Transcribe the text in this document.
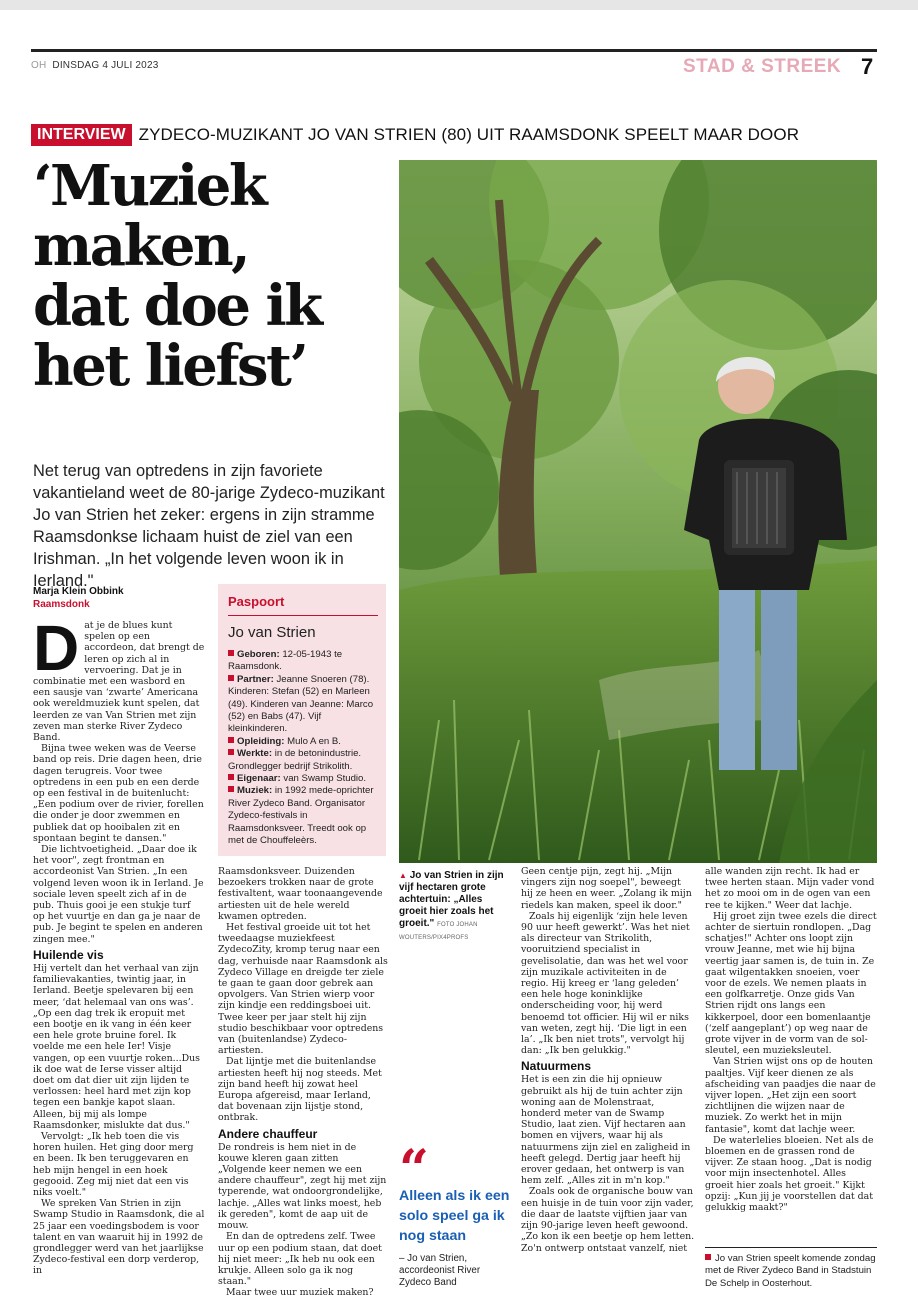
OH DINSDAG 4 JULI 2023	STAD & STREEK 7
INTERVIEW ZYDECO-MUZIKANT JO VAN STRIEN (80) UIT RAAMSDONK SPEELT MAAR DOOR
‘Muziek
maken,
dat doe ik
het liefst’

Net terug van optredens in zijn favoriete vakantieland weet de 80-jarige Zydeco-muzikant Jo van Strien het zeker: ergens in zijn stramme Raamsdonkse lichaam huist de ziel van een Irishman. „In het volgende leven woon ik in Ierland."

Marja Klein Obbink
Raamsdonk
D at je de blues kunt spelen op een accordeon, dat brengt de leren op zich al in vervoering. Dat je in combinatie met een wasbord en een sausje van ‘zwarte’ Americana ook wereldmuziek kunt spelen, dat leerden ze van Van Strien met zijn zeven man sterke River Zydeco Band.

Bijna twee weken was de Veerse band op reis. Drie dagen heen, drie dagen terugreis. Voor twee optredens in een pub en een derde op een festival in de buitenlucht: „Een podium over de rivier, forellen die onder je door zwemmen en publiek dat op hooibalen zit en spontaan begint te dansen."

Die lichtvoetigheid. „Daar doe ik het voor", zegt frontman en accordeonist Van Strien. „In een volgend leven woon ik in Ierland. Je sociale leven speelt zich af in de pub. Thuis gooi je een stukje turf op het vuurtje en dan ga je naar de pub. Je begint te spelen en anderen zingen mee."

Huilende vis

Hij vertelt dan het verhaal van zijn familievakanties, twintig jaar, in Ierland. Beetje spelevaren bij een meer, ‘dat helemaal van ons was’. „Op een dag trek ik eropuit met een bootje en ik vang in één keer een hele grote bruine forel. Ik voelde me een hele Ier! Visje vangen, op een vuurtje roken...Dus ik doe wat de Ierse visser altijd doet om dat dier uit zijn lijden te verlossen: heel hard met zijn kop tegen een bankje kapot slaan. Alleen, bij mij als lompe Raamsdonker, mislukte dat dus."

Vervolgt: „Ik heb toen die vis horen huilen. Het ging door merg en been. Ik ben teruggevaren en heb mijn hengel in een hoek gegooid. Zeg mij niet dat een vis niks voelt."

We spreken Van Strien in zijn Swamp Studio in Raamsdonk, die al 25 jaar een voedingsbodem is voor talent en van waaruit hij in 1992 de grondlegger werd van het jaarlijkse Zydeco-festival een dorp verderop, in

Paspoort
Jo van Strien
Geboren: 12-05-1943 te Raamsdonk.
Partner: Jeanne Snoeren (78). Kinderen: Stefan (52) en Marleen (49). Kinderen van Jeanne: Marco (52) en Babs (47). Vijf kleinkinderen.
Opleiding: Mulo A en B.
Werkte: in de betonindustrie. Grondlegger bedrijf Strikolith.
Eigenaar: van Swamp Studio.
Muziek: in 1992 mede-oprichter River Zydeco Band. Organisator Zydeco-festivals in Raamsdonksveer. Treedt ook op met de Chouffeleèrs.

Raamsdonksveer. Duizenden bezoekers trokken naar de grote festivaltent, waar toonaangevende artiesten uit de hele wereld kwamen optreden.

Het festival groeide uit tot het tweedaagse muziekfeest ZydecoZity, kromp terug naar een dag, verhuisde naar Raamsdonk als Zydeco Village en dreigde ter ziele te gaan te gaan door gebrek aan opvolgers. Van Strien wierp voor zijn kindje een reddingsboei uit. Twee keer per jaar stelt hij zijn studio beschikbaar voor optredens van (buitenlandse) Zydeco-artiesten.

Dat lijntje met die buitenlandse artiesten heeft hij nog steeds. Met zijn band heeft hij zowat heel Europa afgereisd, maar Ierland, dat bovenaan zijn lijstje stond, ontbrak.

Andere chauffeur

De rondreis is hem niet in de kouwe kleren gaan zitten „Volgende keer nemen we een andere chauffeur", zegt hij met zijn typerende, wat ondoorgrondelijke, lachje. „Alles wat links moest, heb ik gereden", komt de aap uit de mouw.

En dan de optredens zelf. Twee uur op een podium staan, dat doet hij niet meer: „Ik heb nu ook een krukje. Alleen solo ga ik nog staan."

Maar twee uur muziek maken?

▲ Jo van Strien in zijn vijf hectaren grote achtertuin: „Alles groeit hier zoals het groeit." FOTO JOHAN WOUTERS/PIX4PROFS
“
Alleen als ik een solo speel ga ik nog staan
– Jo van Strien, accordeonist River Zydeco Band

Geen centje pijn, zegt hij. „Mijn vingers zijn nog soepel", beweegt hij ze heen en weer. „Zolang ik mijn riedels kan maken, speel ik door."

Zoals hij eigenlijk ‘zijn hele leven 90 uur heeft gewerkt’. Was het niet als directeur van Strikolith, vooruitziend specialist in gevelisolatie, dan was het wel voor zijn muzikale activiteiten in de regio. Hij kreeg er ‘lang geleden’ een hele hoge koninklijke onderscheiding voor, hij werd benoemd tot officier. Hij wil er niks van weten, zegt hij. ‘Die ligt in een la’. „Ik ben niet trots", vervolgt hij dan: „Ik ben gelukkig."

Natuurmens

Het is een zin die hij opnieuw gebruikt als hij de tuin achter zijn woning aan de Molenstraat, honderd meter van de Swamp Studio, laat zien. Vijf hectaren aan bomen en vijvers, waar hij als natuurmens zijn ziel en zaligheid in heeft gelegd. Dertig jaar heeft hij erover gedaan, het ontwerp is van hem zelf. „Alles zit in m'n kop."

Zoals ook de organische bouw van een huisje in de tuin voor zijn vader, die daar de laatste vijftien jaar van zijn 90-jarige leven heeft gewoond. „Zo kon ik een beetje op hem letten. Zo'n ontwerp ontstaat vanzelf, niet

alle wanden zijn recht. Ik had er twee herten staan. Mijn vader vond het zo mooi om in de ogen van een ree te kijken." Weer dat lachje.

Hij groet zijn twee ezels die direct achter de siertuin rondlopen. „Dag schatjes!" Achter ons loopt zijn vrouw Jeanne, met wie hij bijna veertig jaar samen is, de tuin in. Ze gaat wilgentakken snoeien, voer voor de ezels. We nemen plaats in een golfkarretje. Onze gids Van Strien rijdt ons langs een kikkerpoel, door een bomenlaantje (‘zelf aangeplant’) op weg naar de grote vijver in de vorm van de sol-sleutel, een muzieksleutel.

Van Strien wijst ons op de houten paaltjes. Vijf keer dienen ze als afscheiding van paadjes die naar de vijver lopen. „Het zijn een soort zichtlijnen die wijzen naar de muziek. Zo werkt het in mijn fantasie", komt dat lachje weer.

De waterlelies bloeien. Net als de bloemen en de grassen rond de vijver. Ze staan hoog. „Dat is nodig voor mijn insectenhotel. Alles groeit hier zoals het groeit." Kijkt opzij: „Kun jij je voorstellen dat dat gelukkig maakt?"

Jo van Strien speelt komende zondag met de River Zydeco Band in Stadstuin De Schelp in Oosterhout.
